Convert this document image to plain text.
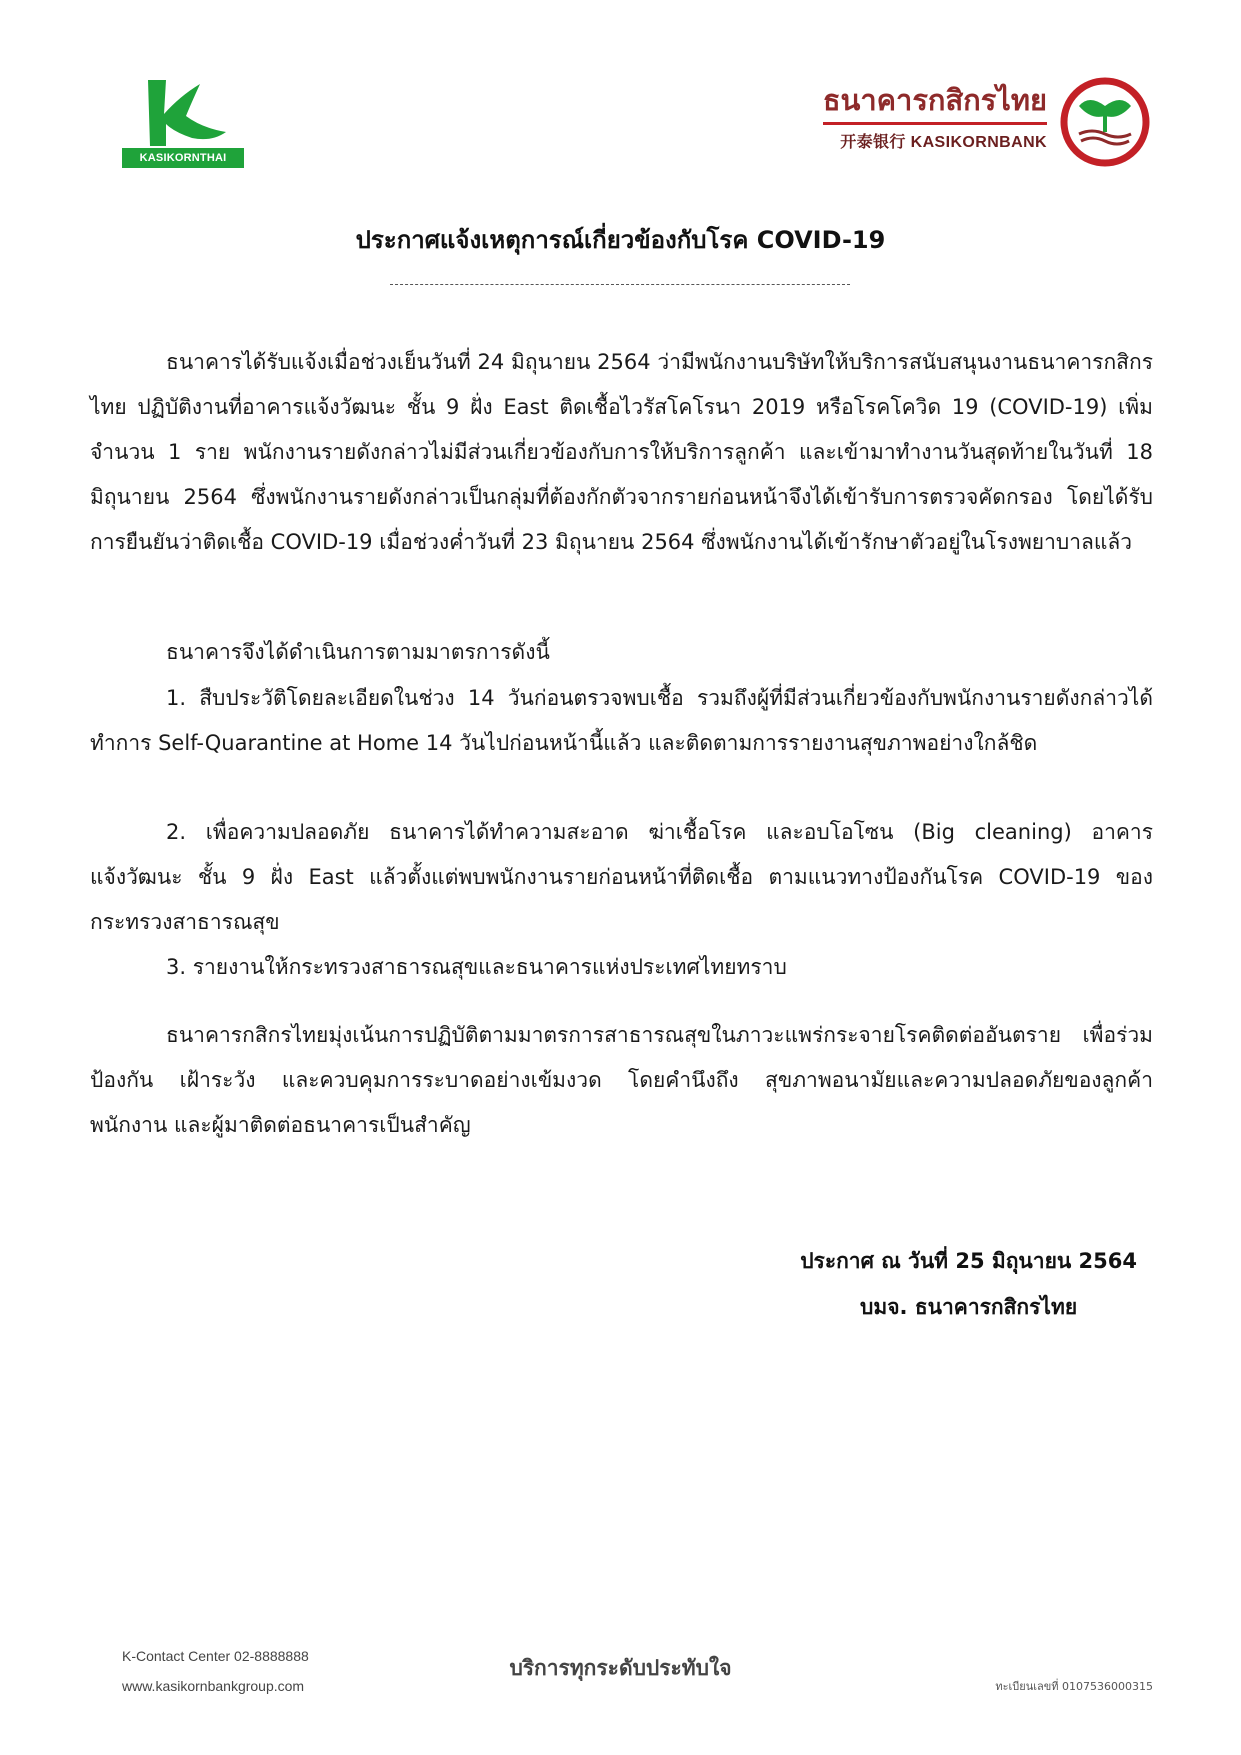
KASIKORNTHAI
ธนาคารกสิกรไทย
开泰银行 KASIKORNBANK
ประกาศแจ้งเหตุการณ์เกี่ยวข้องกับโรค COVID-19

ธนาคารได้รับแจ้งเมื่อช่วงเย็นวันที่ 24 มิถุนายน 2564 ว่ามีพนักงานบริษัทให้บริการสนับสนุนงานธนาคารกสิกรไทย ปฏิบัติงานที่อาคารแจ้งวัฒนะ ชั้น 9 ฝั่ง East ติดเชื้อไวรัสโคโรนา 2019 หรือโรคโควิด 19 (COVID-19) เพิ่มจำนวน 1 ราย พนักงานรายดังกล่าวไม่มีส่วนเกี่ยวข้องกับการให้บริการลูกค้า และเข้ามาทำงานวันสุดท้ายในวันที่ 18 มิถุนายน 2564 ซึ่งพนักงานรายดังกล่าวเป็นกลุ่มที่ต้องกักตัวจากรายก่อนหน้าจึงได้เข้ารับการตรวจคัดกรอง โดยได้รับการยืนยันว่าติดเชื้อ COVID-19 เมื่อช่วงค่ำวันที่ 23 มิถุนายน 2564 ซึ่งพนักงานได้เข้ารักษาตัวอยู่ในโรงพยาบาลแล้ว

ธนาคารจึงได้ดำเนินการตามมาตรการดังนี้

1. สืบประวัติโดยละเอียดในช่วง 14 วันก่อนตรวจพบเชื้อ รวมถึงผู้ที่มีส่วนเกี่ยวข้องกับพนักงานรายดังกล่าวได้ทำการ Self-Quarantine at Home 14 วันไปก่อนหน้านี้แล้ว และติดตามการรายงานสุขภาพอย่างใกล้ชิด

2. เพื่อความปลอดภัย ธนาคารได้ทำความสะอาด ฆ่าเชื้อโรค และอบโอโซน (Big cleaning) อาคารแจ้งวัฒนะ ชั้น 9 ฝั่ง East แล้วตั้งแต่พบพนักงานรายก่อนหน้าที่ติดเชื้อ ตามแนวทางป้องกันโรค COVID-19 ของกระทรวงสาธารณสุข

3. รายงานให้กระทรวงสาธารณสุขและธนาคารแห่งประเทศไทยทราบ

ธนาคารกสิกรไทยมุ่งเน้นการปฏิบัติตามมาตรการสาธารณสุขในภาวะแพร่กระจายโรคติดต่ออันตราย เพื่อร่วมป้องกัน เฝ้าระวัง และควบคุมการระบาดอย่างเข้มงวด โดยคำนึงถึง สุขภาพอนามัยและความปลอดภัยของลูกค้า พนักงาน และผู้มาติดต่อธนาคารเป็นสำคัญ

ประกาศ ณ วันที่ 25 มิถุนายน 2564
บมจ. ธนาคารกสิกรไทย
K-Contact Center 02-8888888
www.kasikornbankgroup.com
บริการทุกระดับประทับใจ
ทะเบียนเลขที่ 0107536000315
